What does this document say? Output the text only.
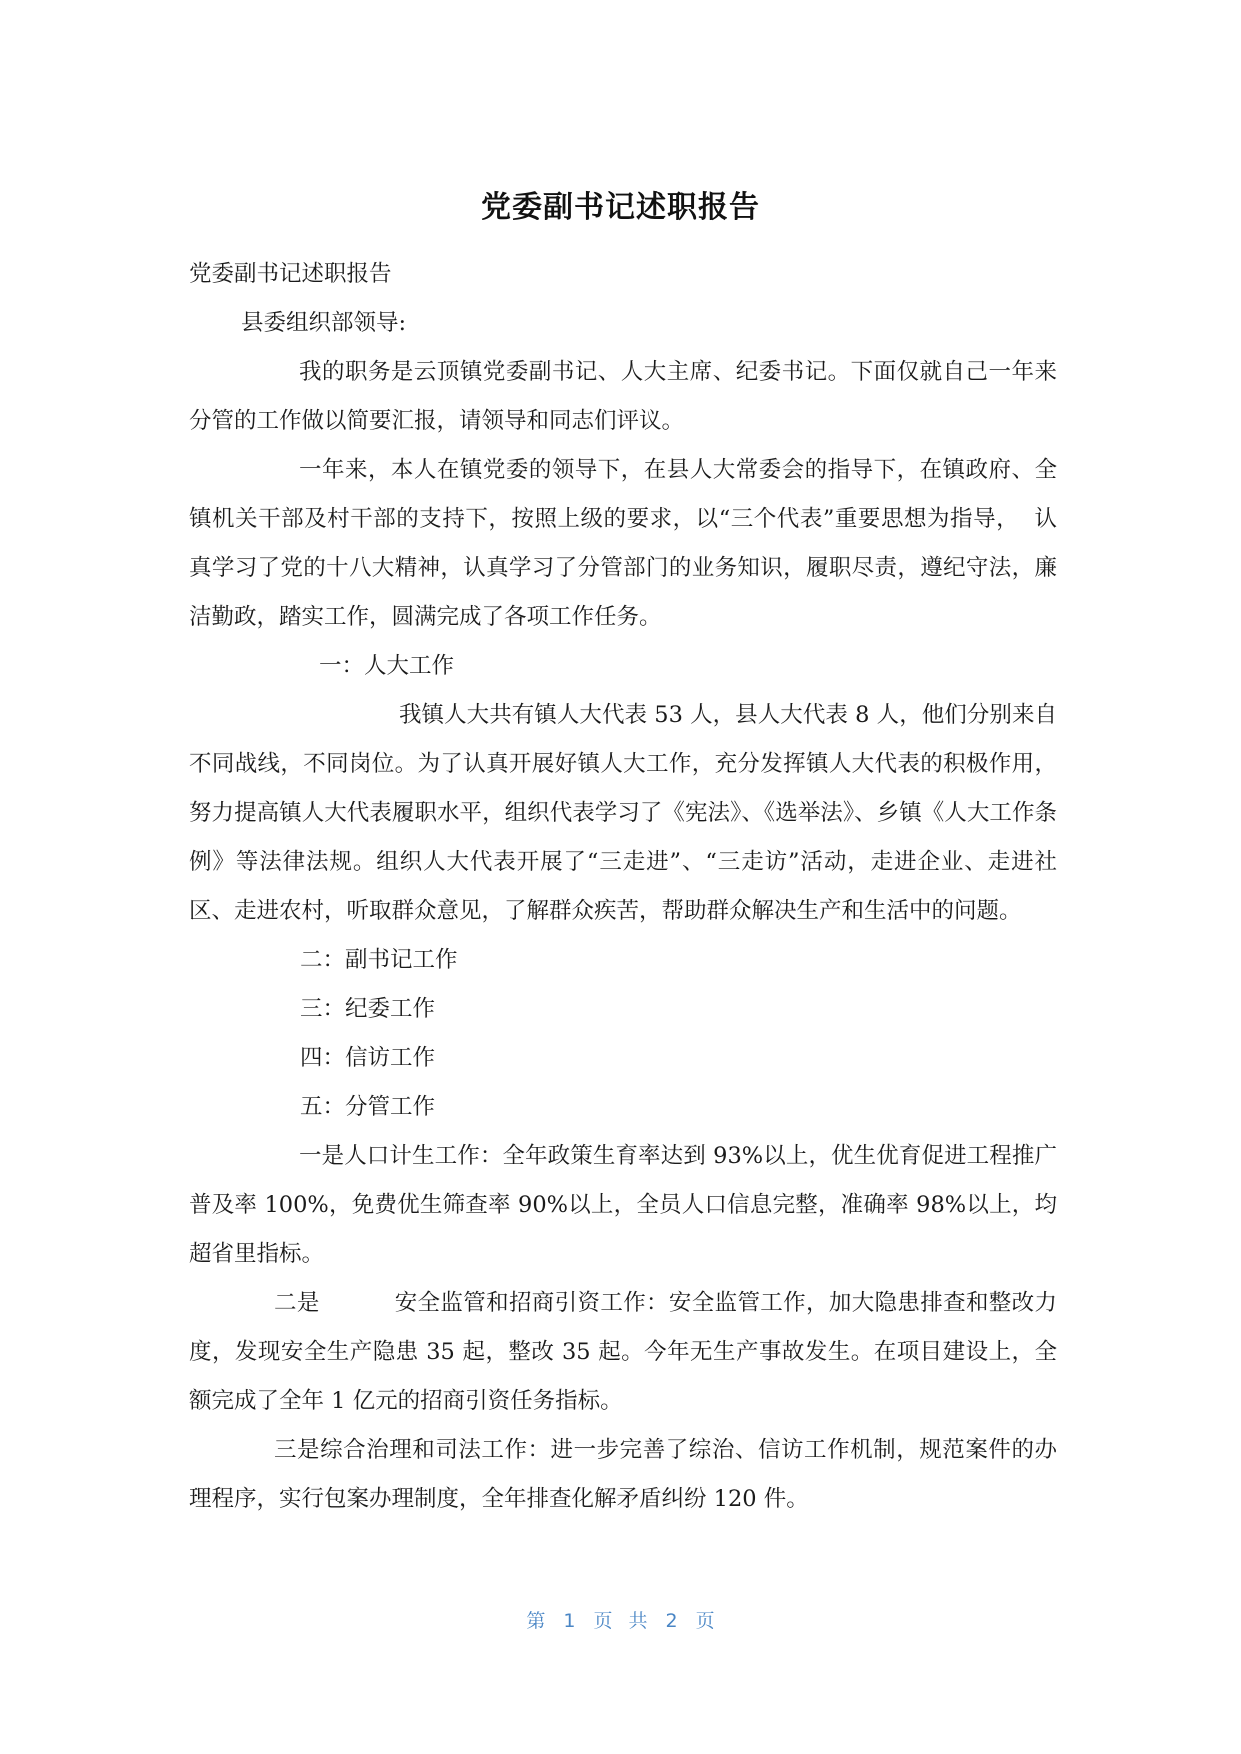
党委副书记述职报告

党委副书记述职报告

县委组织部领导:

我的职务是云顶镇党委副书记、人大主席、纪委书记。下面仅就自己一年来分管的工作做以简要汇报，请领导和同志们评议。

一年来，本人在镇党委的领导下，在县人大常委会的指导下，在镇政府、全镇机关干部及村干部的支持下，按照上级的要求，以“三个代表”重要思想为指导，  认真学习了党的十八大精神，认真学习了分管部门的业务知识，履职尽责，遵纪守法，廉洁勤政，踏实工作，圆满完成了各项工作任务。

一：人大工作

我镇人大共有镇人大代表 53 人，县人大代表 8 人，他们分别来自不同战线，不同岗位。为了认真开展好镇人大工作，充分发挥镇人大代表的积极作用，努力提高镇人大代表履职水平，组织代表学习了《宪法》、《选举法》、乡镇《人大工作条例》等法律法规。组织人大代表开展了“三走进”、“三走访”活动，走进企业、走进社区、走进农村，听取群众意见，了解群众疾苦，帮助群众解决生产和生活中的问题。

二：副书记工作

三：纪委工作

四：信访工作

五：分管工作

一是人口计生工作：全年政策生育率达到 93%以上，优生优育促进工程推广普及率 100%，免费优生筛查率 90%以上，全员人口信息完整，准确率 98%以上，均超省里指标。

二是          安全监管和招商引资工作：安全监管工作，加大隐患排查和整改力度，发现安全生产隐患 35 起，整改 35 起。今年无生产事故发生。在项目建设上，全额完成了全年 1 亿元的招商引资任务指标。

三是综合治理和司法工作：进一步完善了综治、信访工作机制，规范案件的办理程序，实行包案办理制度，全年排查化解矛盾纠纷 120 件。

第 1 页 共 2 页
